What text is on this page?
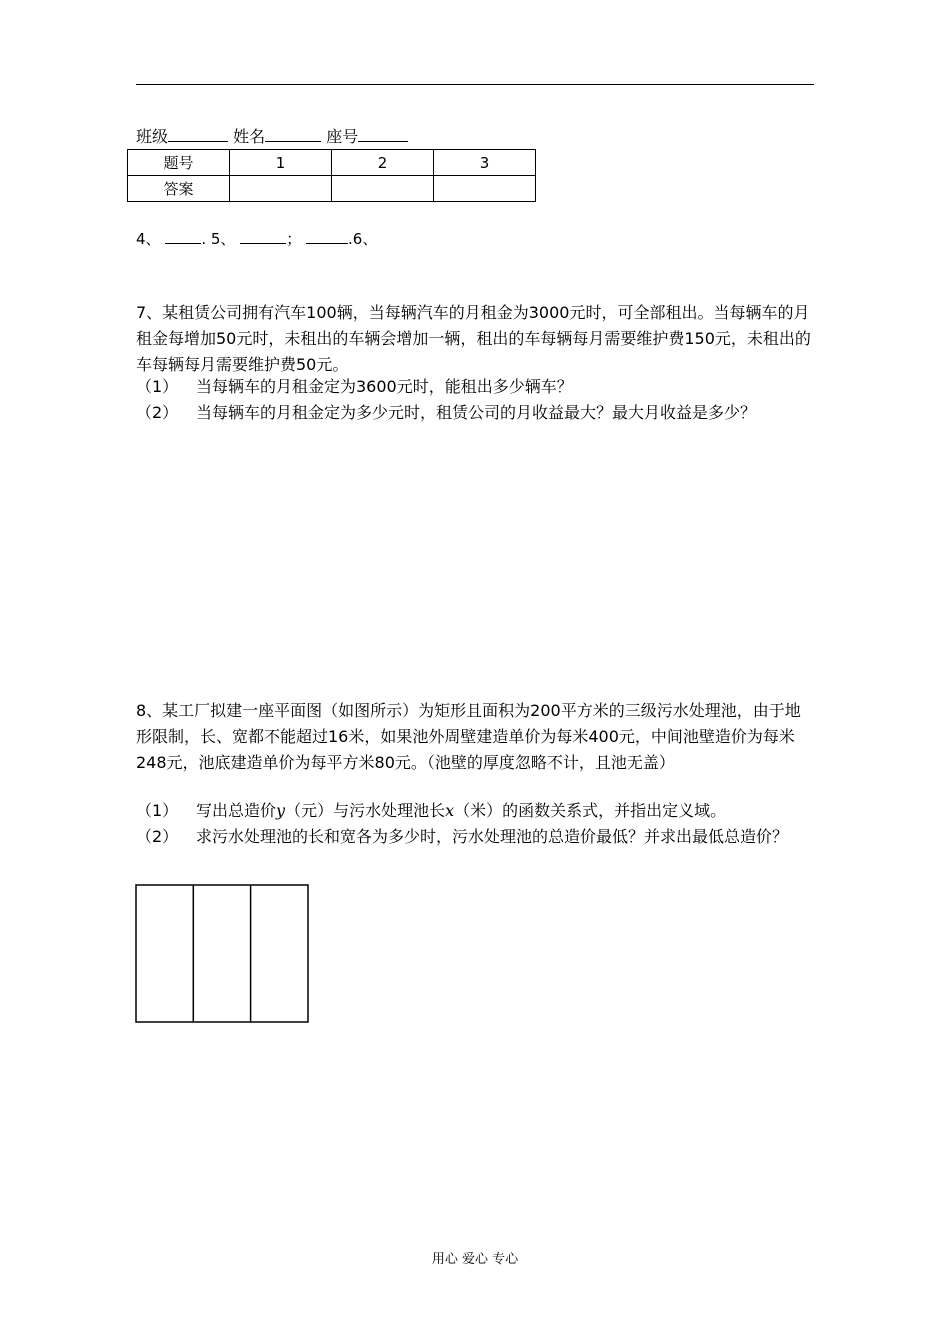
班级	姓名	座号
题号	1	2	3
答案			
4、	. 5、	；	.6、
7、某租赁公司拥有汽车100辆，当每辆汽车的月租金为3000元时，可全部租出。当每辆车的月租金每增加50元时，未租出的车辆会增加一辆，租出的车每辆每月需要维护费150元，未租出的车每辆每月需要维护费50元。
（1） 当每辆车的月租金定为3600元时，能租出多少辆车？
（2） 当每辆车的月租金定为多少元时，租赁公司的月收益最大？最大月收益是多少？
8、某工厂拟建一座平面图（如图所示）为矩形且面积为200平方米的三级污水处理池，由于地形限制，长、宽都不能超过16米，如果池外周壁建造单价为每米400元，中间池壁造价为每米248元，池底建造单价为每平方米80元。（池壁的厚度忽略不计，且池无盖）
（1） 写出总造价y（元）与污水处理池长x（米）的函数关系式，并指出定义域。
（2） 求污水处理池的长和宽各为多少时，污水处理池的总造价最低？并求出最低总造价？
用心 爱心 专心
